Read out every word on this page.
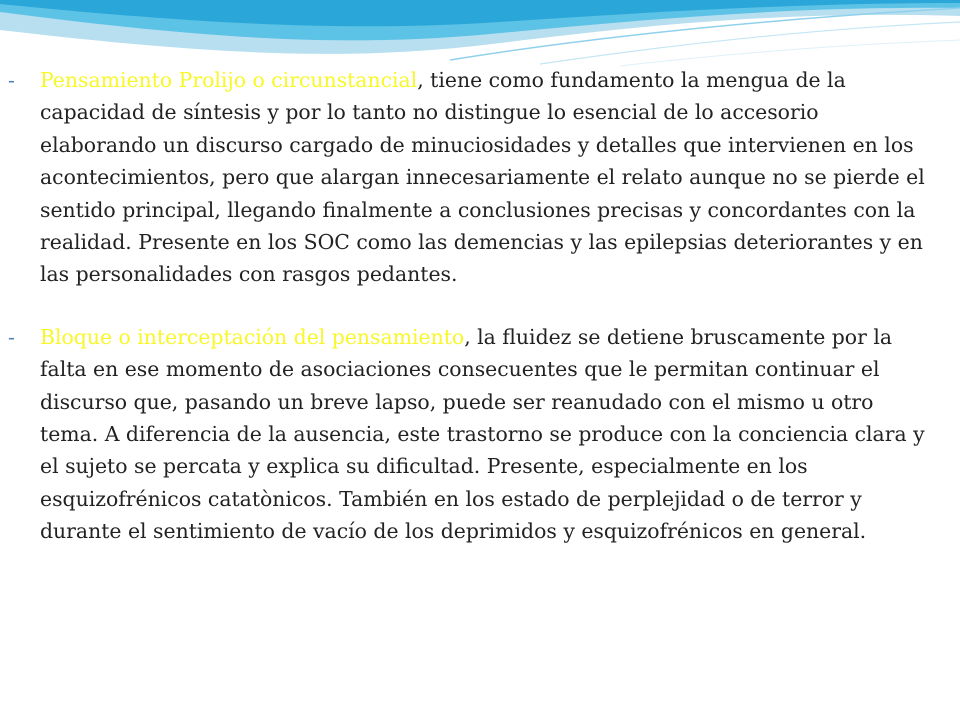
-	Pensamiento Prolijo o circunstancial, tiene como fundamento la mengua de la capacidad de síntesis y por lo tanto no distingue lo esencial de lo accesorio elaborando un discurso cargado de minuciosidades y detalles que intervienen en los acontecimientos, pero que alargan innecesariamente el relato aunque no se pierde el sentido principal, llegando finalmente a conclusiones precisas y concordantes con la realidad. Presente en los SOC como las demencias y las epilepsias deteriorantes y en las personalidades con rasgos pedantes.
-	Bloque o interceptación del pensamiento, la fluidez se detiene bruscamente por la falta en ese momento de asociaciones consecuentes que le permitan continuar el discurso que, pasando un breve lapso, puede ser reanudado con el mismo u otro tema. A diferencia de la ausencia, este trastorno se produce con la conciencia clara y el sujeto se percata y explica su dificultad. Presente, especialmente en los esquizofrénicos catatònicos. También en los estado de perplejidad o de terror y durante el sentimiento de vacío de los deprimidos y esquizofrénicos en general.
